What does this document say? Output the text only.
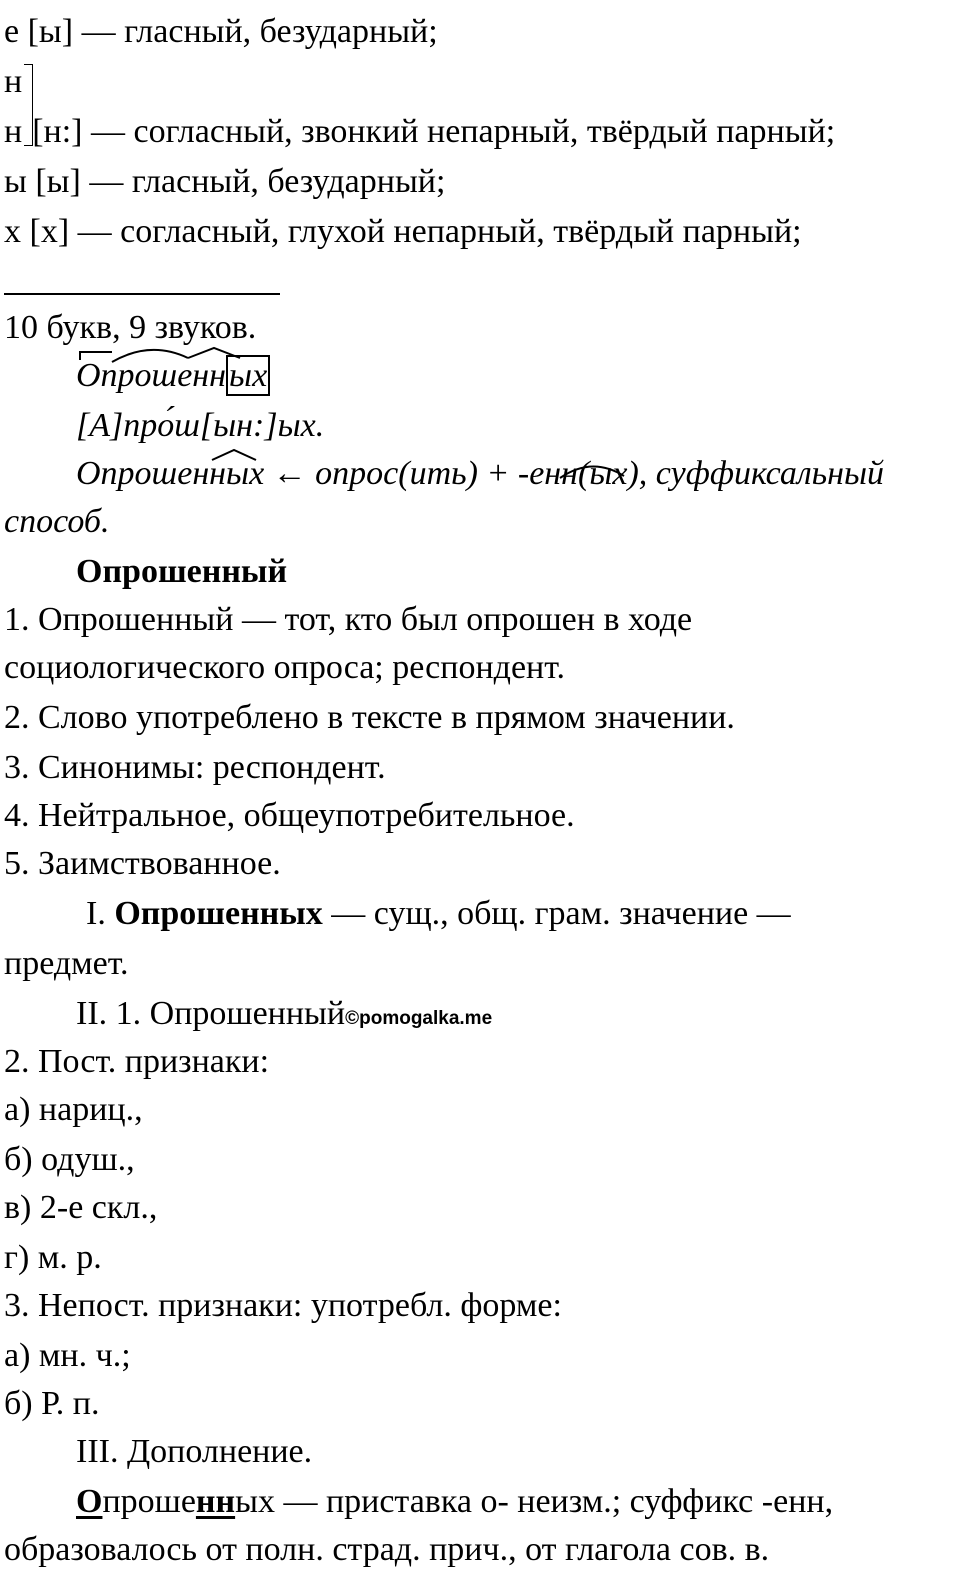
е [ы] — гласный, безударный;
н
н [н:] — согласный, звонкий непарный, твёрдый парный;
ы [ы] — гласный, безударный;
х [х] — согласный, глухой непарный, твёрдый парный;
10 букв, 9 звуков.
Опрошенных
[А]про́ш[ын:]ых.
Опрошенных ← опрос(ить) + -енн(ых), суффиксальный
способ.
Опрошенный
1. Опрошенный — тот, кто был опрошен в ходе
социологического опроса; респондент.
2. Слово употреблено в тексте в прямом значении.
3. Синонимы: респондент.
4. Нейтральное, общеупотребительное.
5. Заимствованное.
I. Опрошенных — сущ., общ. грам. значение —
предмет.
II. 1. Опрошенный©pomogalka.me
2. Пост. признаки:
а) нариц.,
б) одуш.,
в) 2-е скл.,
г) м. р.
3. Непост. признаки: употребл. форме:
а) мн. ч.;
б) Р. п.
III. Дополнение.
Опрошенных — приставка о- неизм.; суффикс -енн,
образовалось от полн. страд. прич., от глагола сов. в.
